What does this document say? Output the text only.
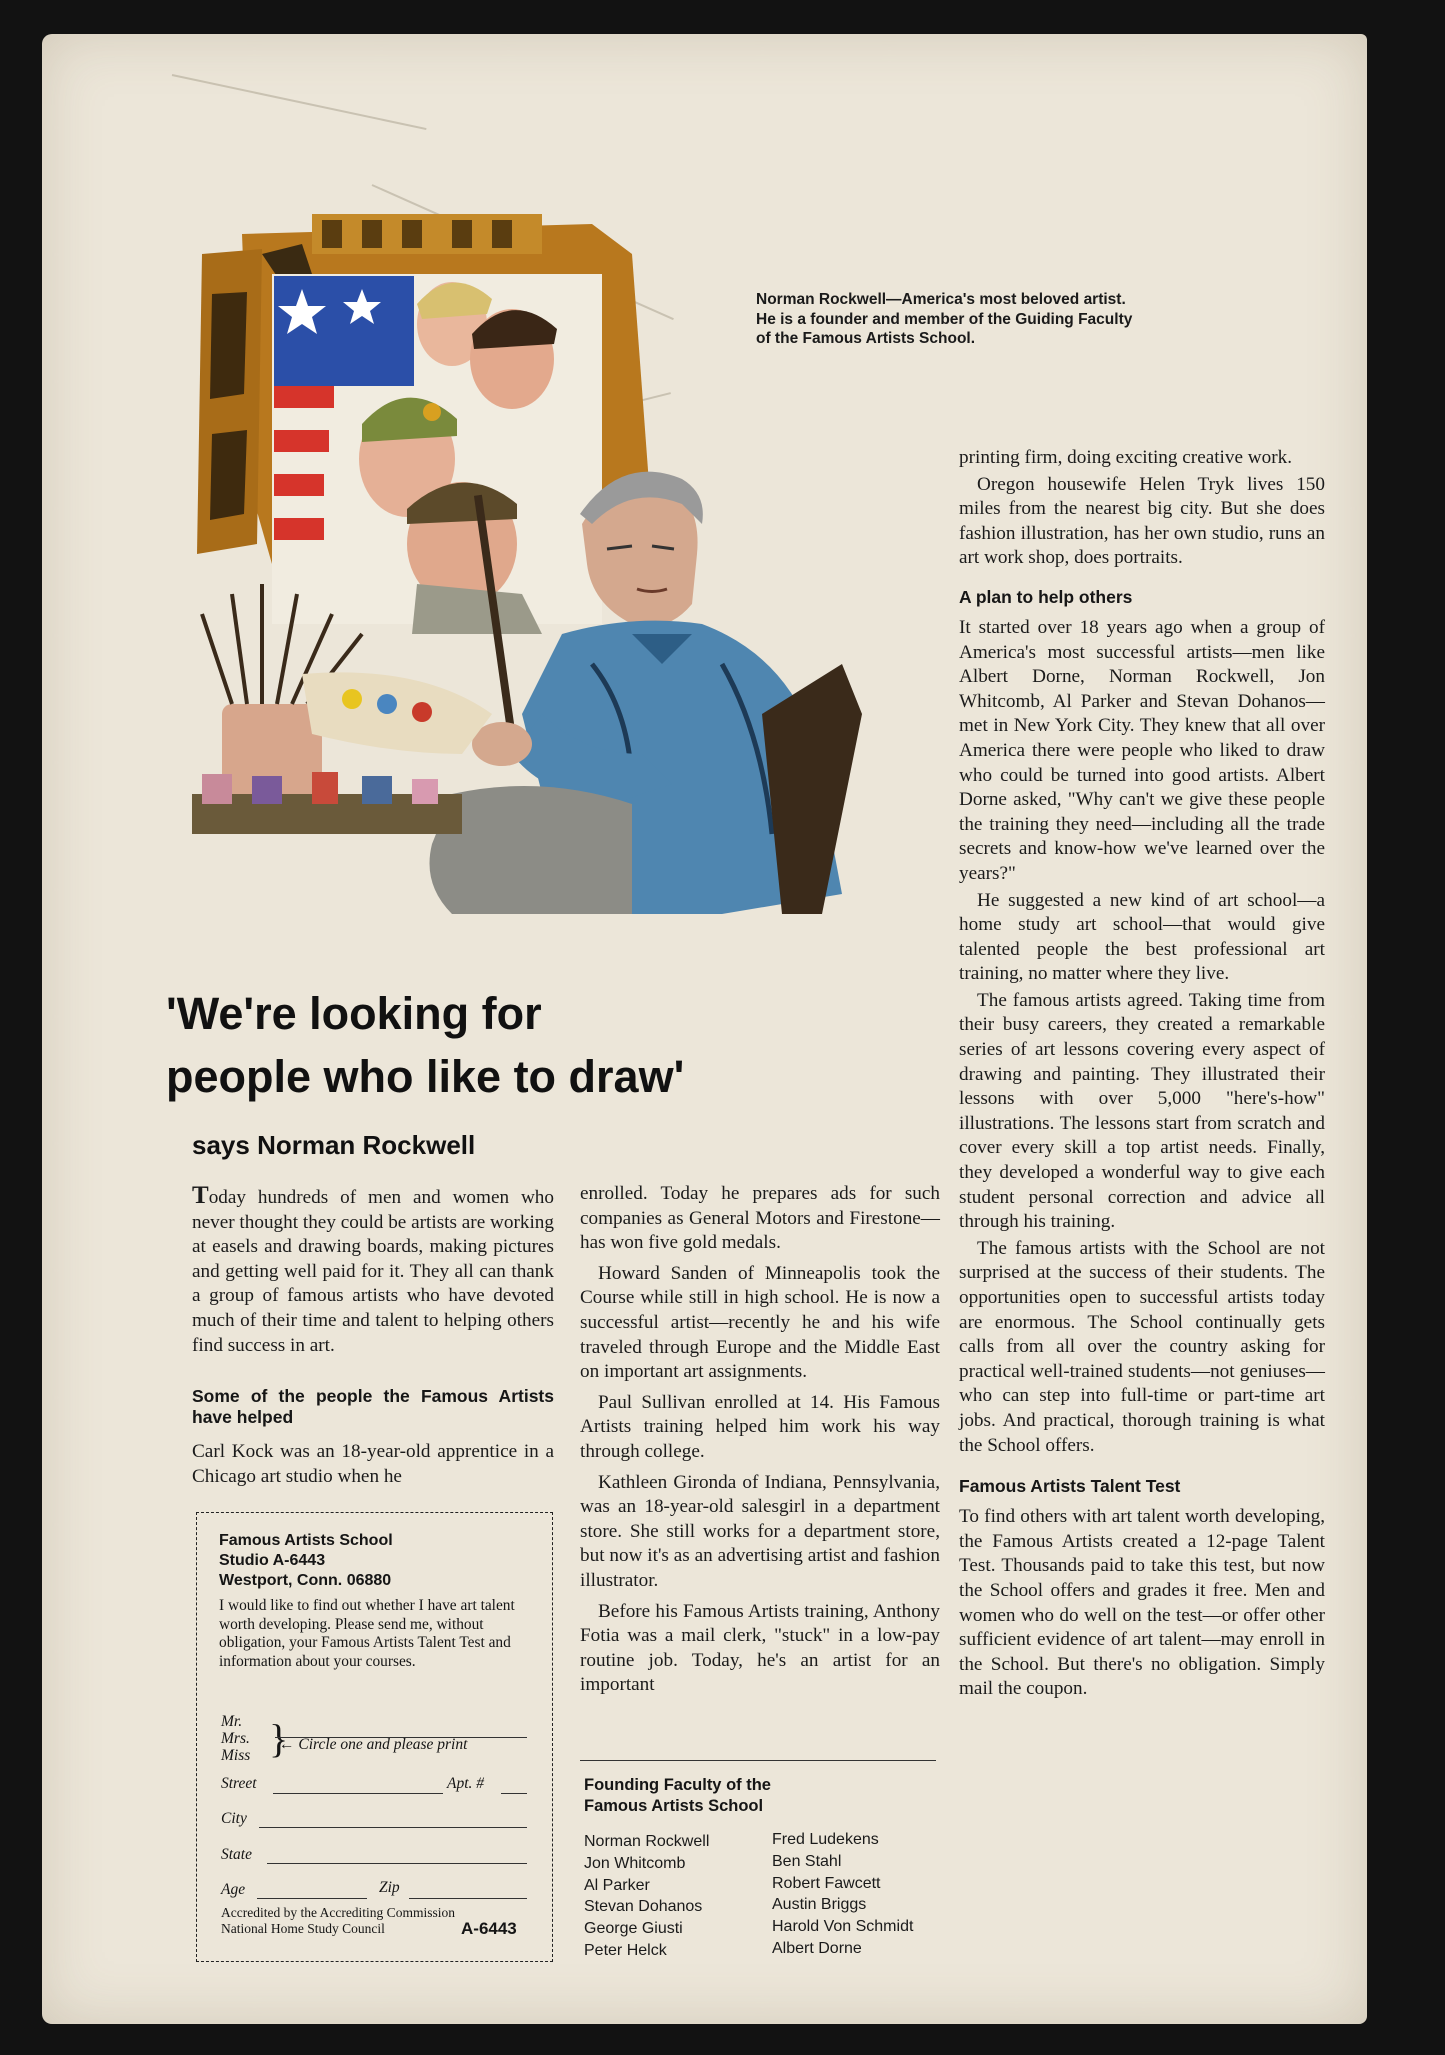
Norman Rockwell—America's most beloved artist. He is a founder and member of the Guiding Faculty of the Famous Artists School.
'We're looking for
people who like to draw'
says Norman Rockwell

Today hundreds of men and women who never thought they could be artists are working at easels and drawing boards, making pictures and getting well paid for it. They all can thank a group of famous artists who have devoted much of their time and talent to helping others find success in art.

Some of the people the Famous Artists have helped

Carl Kock was an 18-year-old apprentice in a Chicago art studio when he

Famous Artists School
Studio A-6443
Westport, Conn. 06880
I would like to find out whether I have art talent worth developing. Please send me, without obligation, your Famous Artists Talent Test and information about your courses.
Mr.
Mrs.
Miss }
← Circle one and please print
Street	Apt. #
City
State
Age	Zip
Accredited by the Accrediting Commission
National Home Study Council	A-6443

enrolled. Today he prepares ads for such companies as General Motors and Firestone—has won five gold medals.

Howard Sanden of Minneapolis took the Course while still in high school. He is now a successful artist—recently he and his wife traveled through Europe and the Middle East on important art assignments.

Paul Sullivan enrolled at 14. His Famous Artists training helped him work his way through college.

Kathleen Gironda of Indiana, Pennsylvania, was an 18-year-old salesgirl in a department store. She still works for a department store, but now it's as an advertising artist and fashion illustrator.

Before his Famous Artists training, Anthony Fotia was a mail clerk, "stuck" in a low-pay routine job. Today, he's an artist for an important

Founding Faculty of the Famous Artists School
Norman Rockwell
Jon Whitcomb
Al Parker
Stevan Dohanos
George Giusti
Peter Helck
Fred Ludekens
Ben Stahl
Robert Fawcett
Austin Briggs
Harold Von Schmidt
Albert Dorne

printing firm, doing exciting creative work.

Oregon housewife Helen Tryk lives 150 miles from the nearest big city. But she does fashion illustration, has her own studio, runs an art work shop, does portraits.

A plan to help others

It started over 18 years ago when a group of America's most successful artists—men like Albert Dorne, Norman Rockwell, Jon Whitcomb, Al Parker and Stevan Dohanos—met in New York City. They knew that all over America there were people who liked to draw who could be turned into good artists. Albert Dorne asked, "Why can't we give these people the training they need—including all the trade secrets and know-how we've learned over the years?"

He suggested a new kind of art school—a home study art school—that would give talented people the best professional art training, no matter where they live.

The famous artists agreed. Taking time from their busy careers, they created a remarkable series of art lessons covering every aspect of drawing and painting. They illustrated their lessons with over 5,000 "here's-how" illustrations. The lessons start from scratch and cover every skill a top artist needs. Finally, they developed a wonderful way to give each student personal correction and advice all through his training.

The famous artists with the School are not surprised at the success of their students. The opportunities open to successful artists today are enormous. The School continually gets calls from all over the country asking for practical well-trained students—not geniuses—who can step into full-time or part-time art jobs. And practical, thorough training is what the School offers.

Famous Artists Talent Test

To find others with art talent worth developing, the Famous Artists created a 12-page Talent Test. Thousands paid to take this test, but now the School offers and grades it free. Men and women who do well on the test—or offer other sufficient evidence of art talent—may enroll in the School. But there's no obligation. Simply mail the coupon.
